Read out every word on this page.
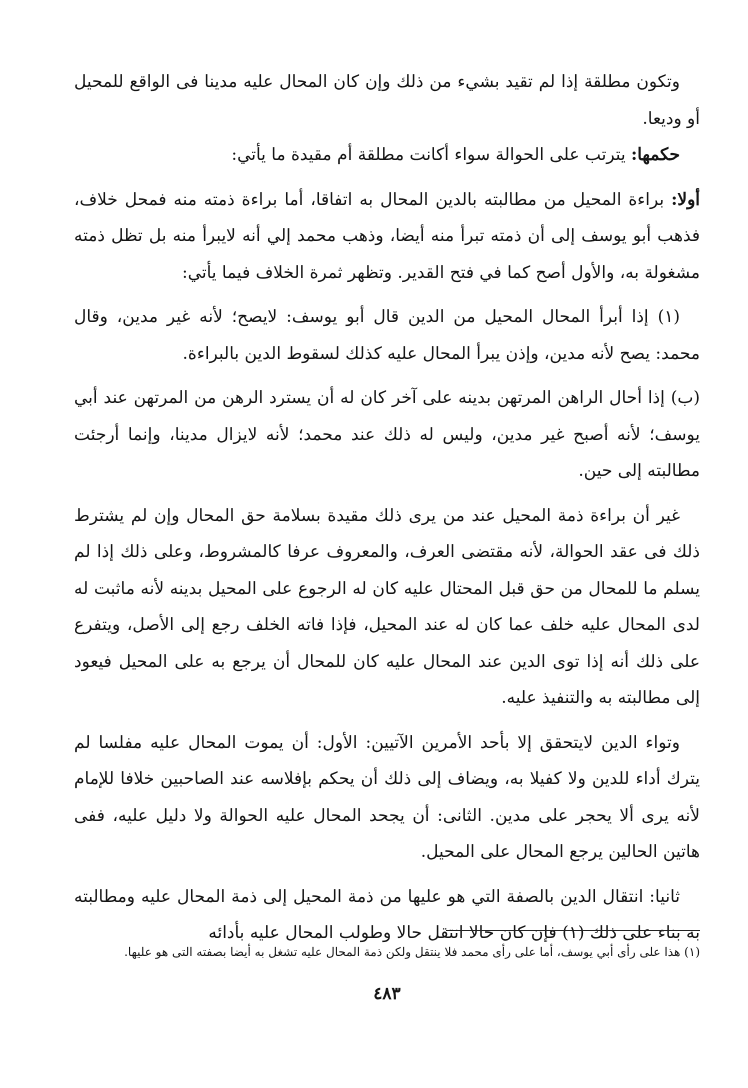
وتكون مطلقة إذا لم تقيد بشيء من ذلك وإن كان المحال عليه مدينا فى الواقع للمحيل أو وديعا.

حكمها: يترتب على الحوالة سواء أكانت مطلقة أم مقيدة ما يأتي:

أولا: براءة المحيل من مطالبته بالدين المحال به اتفاقا، أما براءة ذمته منه فمحل خلاف، فذهب أبو يوسف إلى أن ذمته تبرأ منه أيضا، وذهب محمد إلي أنه لايبرأ منه بل تظل ذمته مشغولة به، والأول أصح كما في فتح القدير. وتظهر ثمرة الخلاف فيما يأتي:

(١) إذا أبرأ المحال المحيل من الدين قال أبو يوسف: لايصح؛ لأنه غير مدين، وقال محمد: يصح لأنه مدين، وإذن يبرأ المحال عليه كذلك لسقوط الدين بالبراءة.

(ب) إذا أحال الراهن المرتهن بدينه على آخر كان له أن يسترد الرهن من المرتهن عند أبي يوسف؛ لأنه أصبح غير مدين، وليس له ذلك عند محمد؛ لأنه لايزال مدينا، وإنما أرجئت مطالبته إلى حين.

غير أن براءة ذمة المحيل عند من يرى ذلك مقيدة بسلامة حق المحال وإن لم يشترط ذلك فى عقد الحوالة، لأنه مقتضى العرف، والمعروف عرفا كالمشروط، وعلى ذلك إذا لم يسلم ما للمحال من حق قبل المحتال عليه كان له الرجوع على المحيل بدينه لأنه ماثبت له لدى المحال عليه خلف عما كان له عند المحيل، فإذا فاته الخلف رجع إلى الأصل، ويتفرع على ذلك أنه إذا توى الدين عند المحال عليه كان للمحال أن يرجع به على المحيل فيعود إلى مطالبته به والتنفيذ عليه.

وتواء الدين لايتحقق إلا بأحد الأمرين الآتيين: الأول: أن يموت المحال عليه مفلسا لم يترك أداء للدين ولا كفيلا به، ويضاف إلى ذلك أن يحكم بإفلاسه عند الصاحبين خلافا للإمام لأنه يرى ألا يحجر على مدين. الثانى: أن يجحد المحال عليه الحوالة ولا دليل عليه، ففى هاتين الحالين يرجع المحال على المحيل.

ثانيا: انتقال الدين بالصفة التي هو عليها من ذمة المحيل إلى ذمة المحال عليه ومطالبته به بناء على ذلك (١) فإن كان حالا انتقل حالا وطولب المحال عليه بأدائه

(١) هذا على رأى أبي يوسف، أما على رأى محمد فلا ينتقل ولكن ذمة المحال عليه تشغل به أيضا بصفته التى هو عليها.

٤٨٣
